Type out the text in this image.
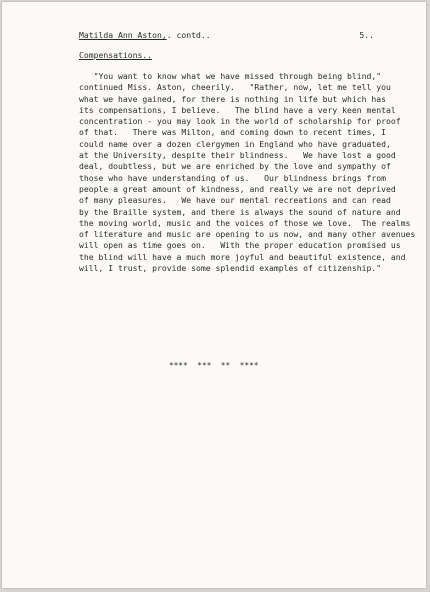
Matilda Ann Aston,. contd..	5..
Compensations..
"You want to know what we have missed through being blind,"
continued Miss. Aston, cheerily.   "Rather, now, let me tell you
what we have gained, for there is nothing in life but which has
its compensations, I believe.   The blind have a very keen mental
concentration - you may look in the world of scholarship for proof
of that.   There was Milton, and coming down to recent times, I
could name over a dozen clergymen in England who have graduated,
at the University, despite their blindness.   We have lost a good
deal, doubtless, but we are enriched by the love and sympathy of
those who have understanding of us.   Our blindness brings from
people a great amount of kindness, and really we are not deprived
of many pleasures.   We have our mental recreations and can read
by the Braille system, and there is always the sound of nature and
the moving world, music and the voices of those we love.  The realms
of literature and music are opening to us now, and many other avenues
will open as time goes on.   With the proper education promised us
the blind will have a much more joyful and beautiful existence, and
will, I trust, provide some splendid examples of citizenship."
****  ***  **  ****
